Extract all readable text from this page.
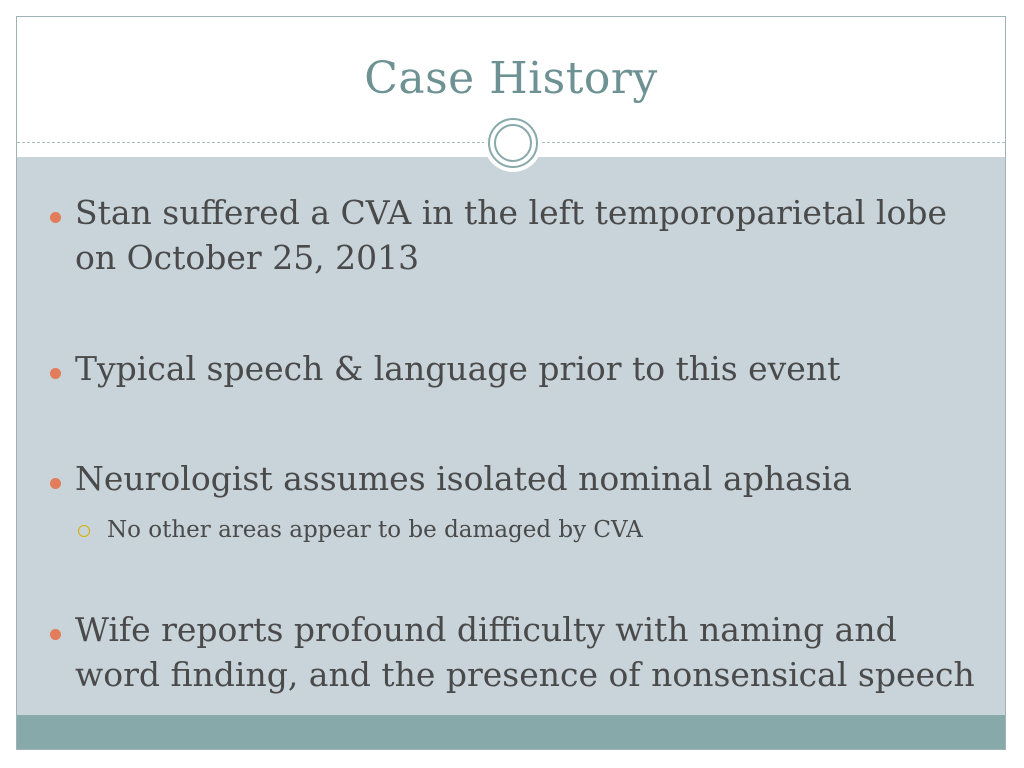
Case History
Stan suffered a CVA in the left temporoparietal lobe on October 25, 2013
Typical speech & language prior to this event
Neurologist assumes isolated nominal aphasia
No other areas appear to be damaged by CVA
Wife reports profound difficulty with naming and word finding, and the presence of nonsensical speech
